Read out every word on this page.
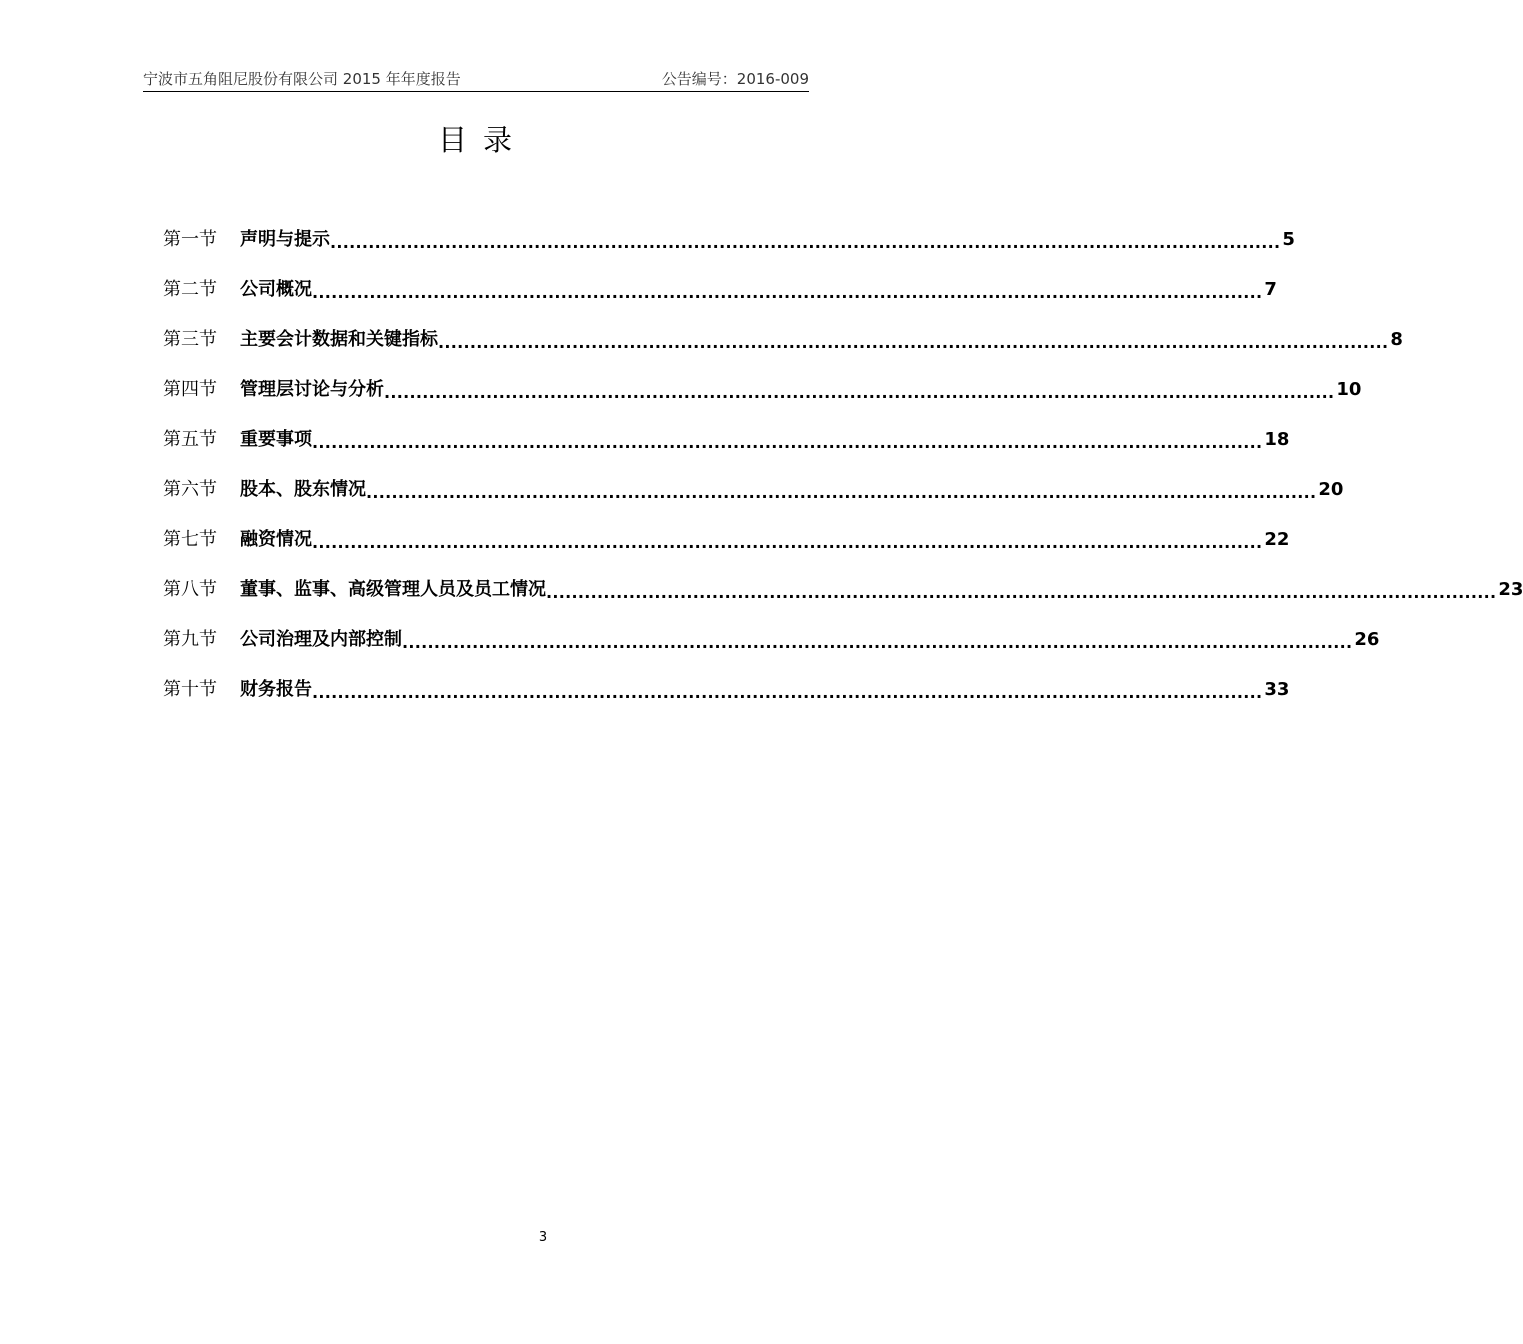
宁波市五角阻尼股份有限公司 2015 年年度报告	公告编号：2016-009
目录
第一节	声明与提示 ..................................................................................................................................................... 5
第二节	公司概况 ..................................................................................................................................................... 7
第三节	主要会计数据和关键指标 ..................................................................................................................................................... 8
第四节	管理层讨论与分析 ..................................................................................................................................................... 10
第五节	重要事项 ..................................................................................................................................................... 18
第六节	股本、股东情况 ..................................................................................................................................................... 20
第七节	融资情况 ..................................................................................................................................................... 22
第八节	董事、监事、高级管理人员及员工情况 ..................................................................................................................................................... 23
第九节	公司治理及内部控制 ..................................................................................................................................................... 26
第十节	财务报告 ..................................................................................................................................................... 33
3
